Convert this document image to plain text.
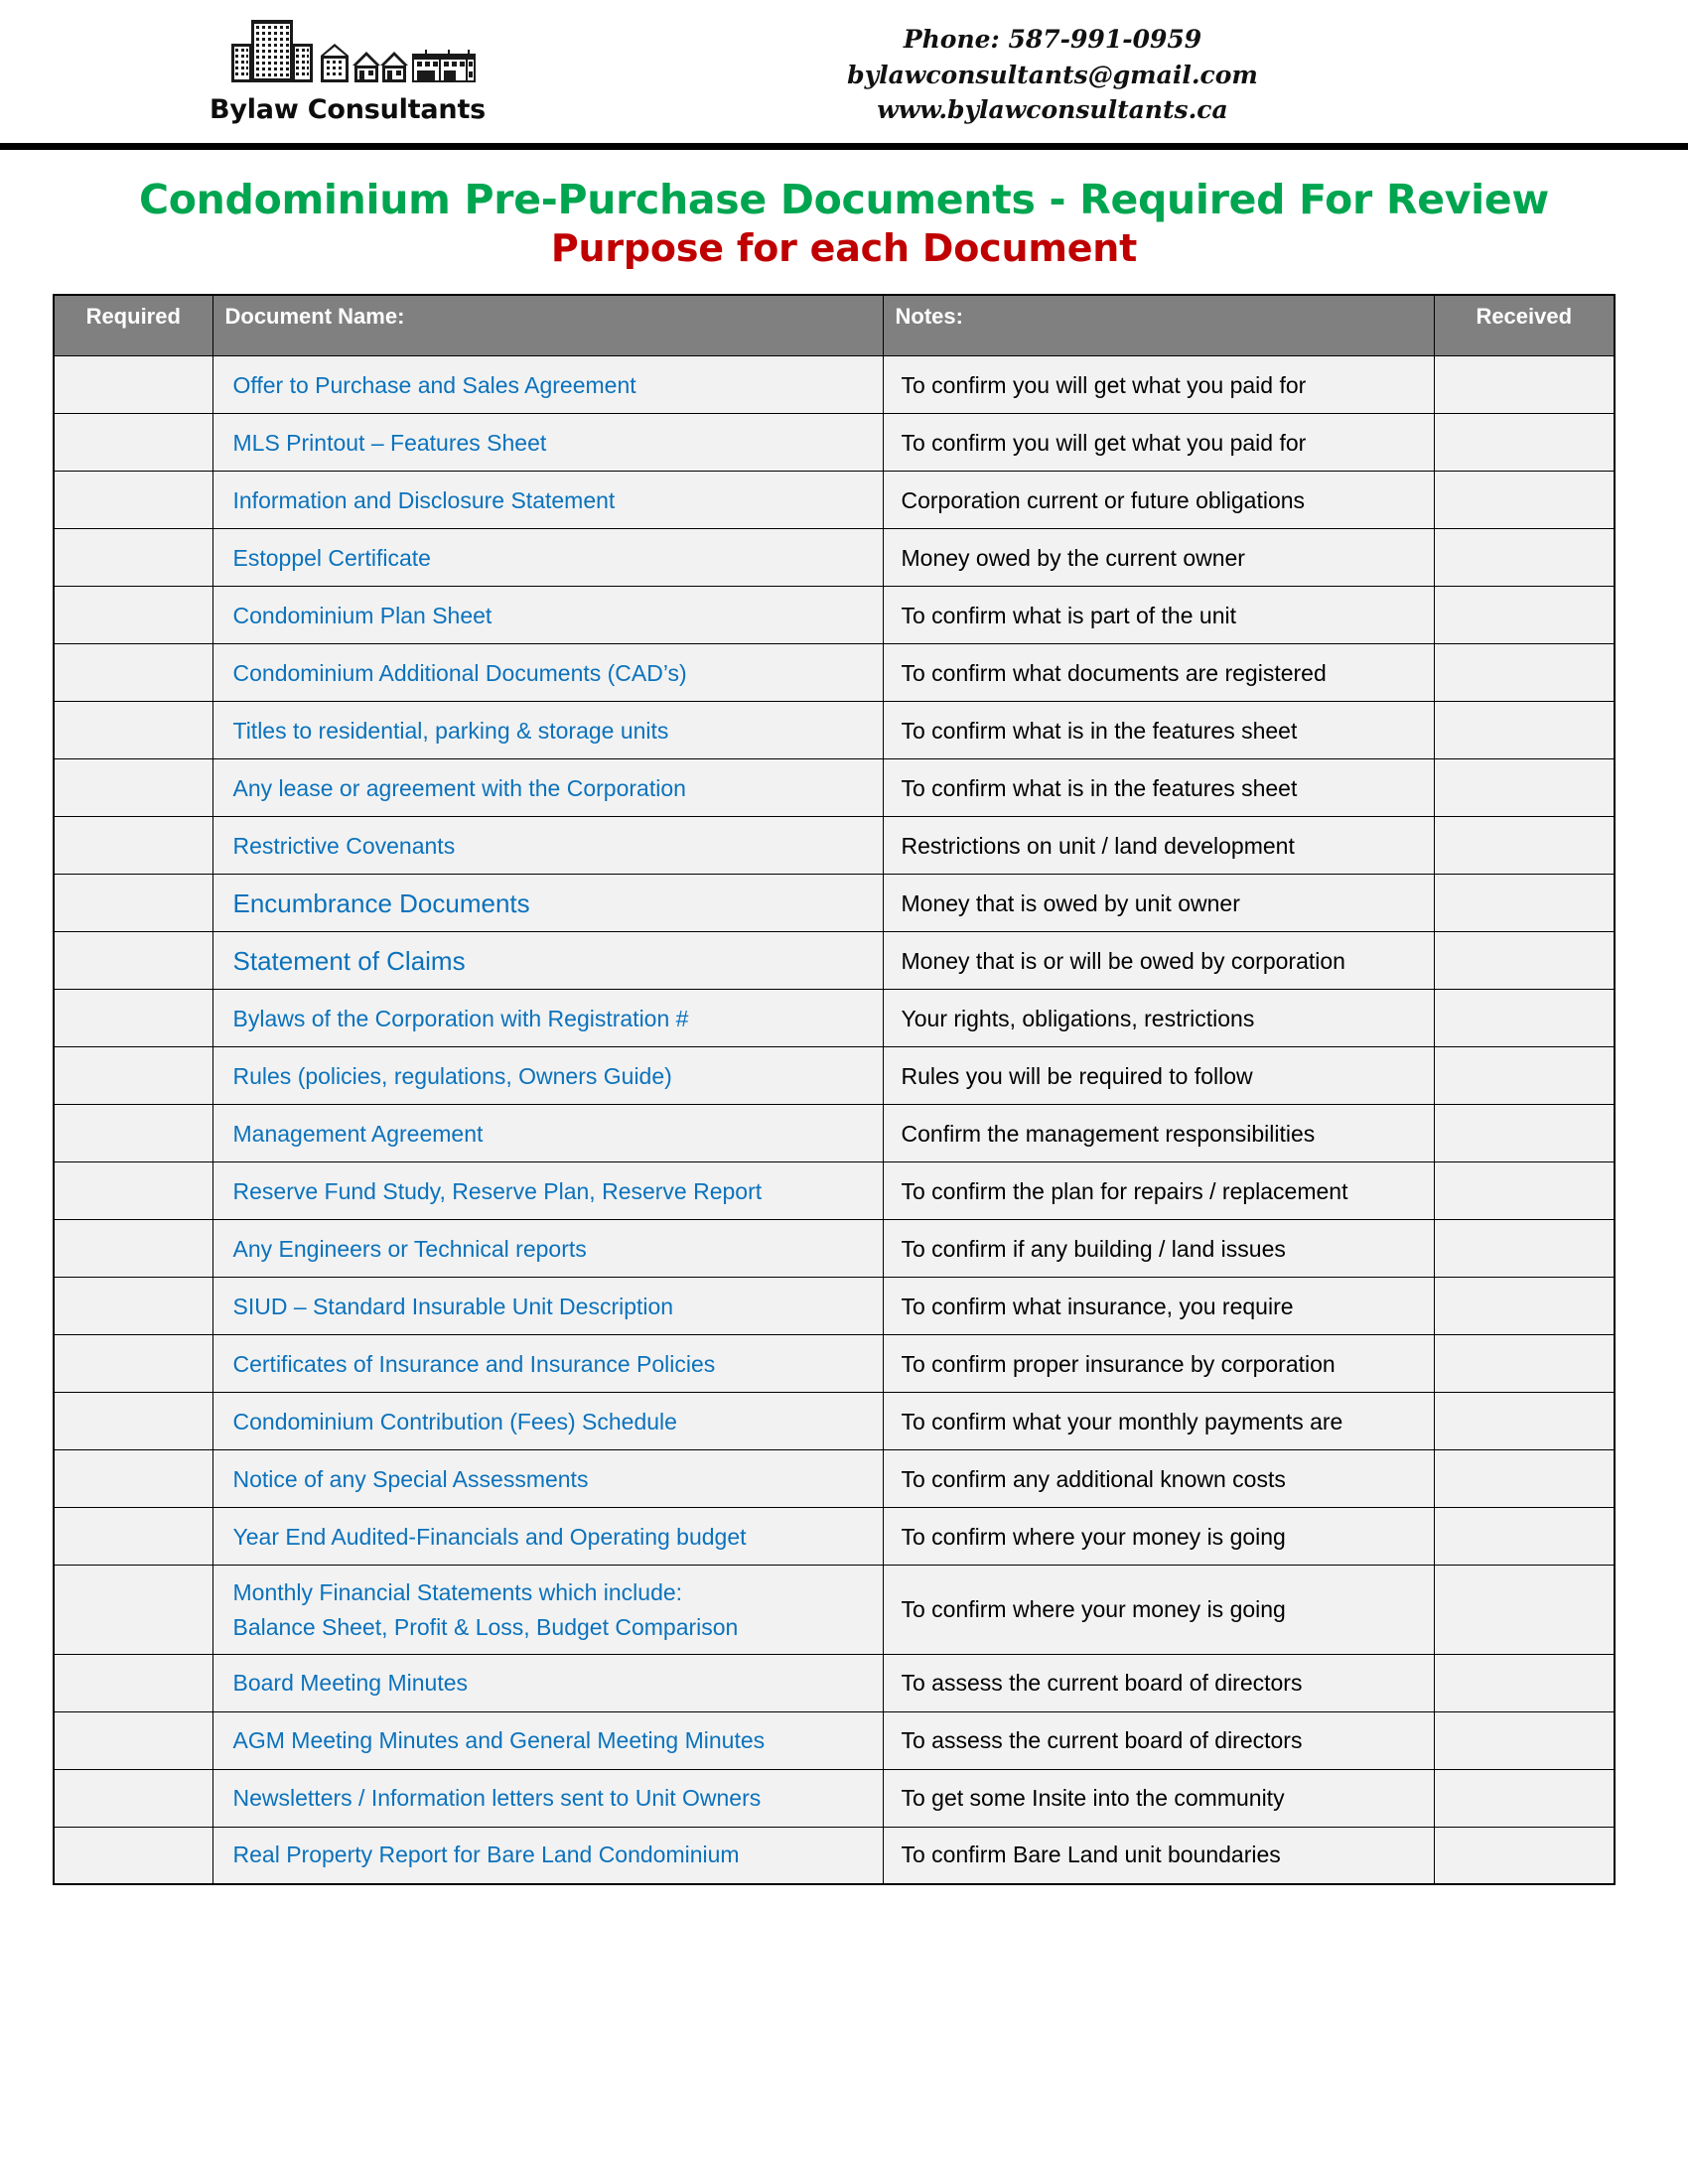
Bylaw Consultants
Phone: 587-991-0959
bylawconsultants@gmail.com
www.bylawconsultants.ca
Condominium Pre-Purchase Documents - Required For Review
Purpose for each Document
Required	Document Name:	Notes:	Received
	Offer to Purchase and Sales Agreement	To confirm you will get what you paid for	
	MLS Printout – Features Sheet	To confirm you will get what you paid for	
	Information and Disclosure Statement	Corporation current or future obligations	
	Estoppel Certificate	Money owed by the current owner	
	Condominium Plan Sheet	To confirm what is part of the unit	
	Condominium Additional Documents (CAD’s)	To confirm what documents are registered	
	Titles to residential, parking & storage units	To confirm what is in the features sheet	
	Any lease or agreement with the Corporation	To confirm what is in the features sheet	
	Restrictive Covenants	Restrictions on unit / land development	
	Encumbrance Documents	Money that is owed by unit owner	
	Statement of Claims	Money that is or will be owed by corporation	
	Bylaws of the Corporation with Registration #	Your rights, obligations, restrictions	
	Rules (policies, regulations, Owners Guide)	Rules you will be required to follow	
	Management Agreement	Confirm the management responsibilities	
	Reserve Fund Study, Reserve Plan, Reserve Report	To confirm the plan for repairs / replacement	
	Any Engineers or Technical reports	To confirm if any building / land issues	
	SIUD – Standard Insurable Unit Description	To confirm what insurance, you require	
	Certificates of Insurance and Insurance Policies	To confirm proper insurance by corporation	
	Condominium Contribution (Fees) Schedule	To confirm what your monthly payments are	
	Notice of any Special Assessments	To confirm any additional known costs	
	Year End Audited-Financials and Operating budget	To confirm where your money is going	

	Monthly Financial Statements which include:
Balance Sheet, Profit & Loss, Budget Comparison	To confirm where your money is going	
	Board Meeting Minutes	To assess the current board of directors	
	AGM Meeting Minutes and General Meeting Minutes	To assess the current board of directors	
	Newsletters / Information letters sent to Unit Owners	To get some Insite into the community	
	Real Property Report for Bare Land Condominium	To confirm Bare Land unit boundaries	
